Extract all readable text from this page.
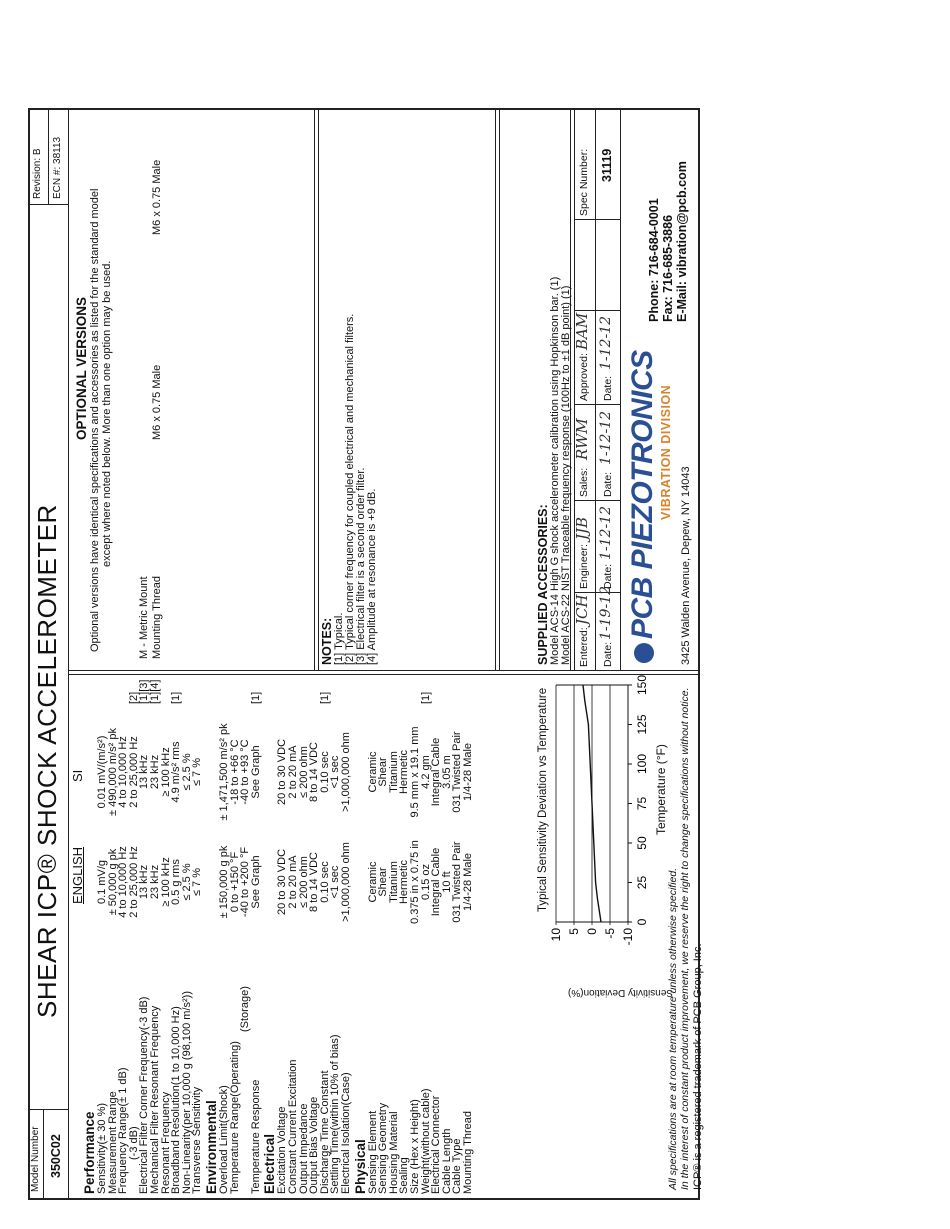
Model Number 350C02
SHEAR ICP® SHOCK ACCELEROMETER
Revision: B ECN #: 38113
ENGLISH
SI
Performance Sensitivity(± 30 %)
0.1 mV/g
0.01 mV/(m/s²)
Measurement Range
± 50,000 g pk
± 490,000 m/s² pk
Frequency Range(± 1 dB)
4 to 10,000 Hz
4 to 10,000 Hz
(-3 dB)
2 to 25,000 Hz
2 to 25,000 Hz
[2]
Electrical Filter Corner Frequency(-3 dB)
13 kHz
13 kHz
[1][3]
Mechanical Filter Resonant Frequency
23 kHz
23 kHz
[1][4]
Resonant Frequency
≥ 100 kHz
≥ 100 kHz
Broadband Resolution(1 to 10,000 Hz)
0.5 g rms
4.9 m/s² rms
[1]
Non-Linearity(per 10,000 g (98,100 m/s²))
≤ 2.5 %
≤ 2.5 %
Transverse Sensitivity
≤ 7 %
≤ 7 %
Environmental Overload Limit(Shock)
± 150,000 g pk
± 1,471,500 m/s² pk
Temperature Range(Operating)
0 to +150 °F
-18 to +66 °C
(Storage)
-40 to +200 °F
-40 to +93 °C
Temperature Response
See Graph
See Graph
[1]
Electrical Excitation Voltage
20 to 30 VDC
20 to 30 VDC
Constant Current Excitation
2 to 20 mA
2 to 20 mA
Output Impedance
≤ 200 ohm
≤ 200 ohm
Output Bias Voltage
8 to 14 VDC
8 to 14 VDC
Discharge Time Constant
0.10 sec
0.10 sec
[1]
Settling Time(within 10% of bias)
<1 sec
<1 sec
Electrical Isolation(Case)
>1,000,000 ohm
>1,000,000 ohm
Physical Sensing Element
Ceramic
Ceramic
Sensing Geometry
Shear
Shear
Housing Material
Titanium
Titanium
Sealing
Hermetic
Hermetic
Size (Hex x Height)
0.375 in x 0.75 in
9.5 mm x 19.1 mm
Weight(without cable)
0.15 oz
4.2 gm
[1]
Electrical Connector
Integral Cable
Integral Cable
Cable Length
10 ft
3.05 m
Cable Type
031 Twisted Pair
031 Twisted Pair
Mounting Thread
1/4-28 Male
1/4-28 Male	Typical Sensitivity Deviation vs Temperature
10 5 0 -5 -10
0
25
50
75
100
125
150
Temperature (°F)
Sensitivity Deviation(%)
All specifications are at room temperature unless otherwise specified. In the interest of constant product improvement, we reserve the right to change specifications without notice. ICP® is a registered trademark of PCB Group, Inc.
OPTIONAL VERSIONS Optional versions have identical specifications and accessories as listed for the standard model except where noted below. More than one option may be used.
M - Metric Mount Mounting Thread
M6 x 0.75 Male
M6 x 0.75 Male
NOTES: [1] Typical. [2] Typical corner frequency for coupled electrical and mechanical filters. [3] Electrical filter is a second order filter. [4] Amplitude at resonance is +9 dB.	SUPPLIED ACCESSORIES: Model ACS-14 High G shock accelerometer calibration using Hopkinson bar. (1) Model ACS-22 NIST Traceable frequency response (100Hz to ±1 dB point) (1) Entered:
JCH
Engineer:
JJB
Sales:
RWM
Approved:
BAM
Spec Number:
Date:
1-19-12
Date:
1-12-12
Date:
1-12-12
Date:
1-12-12
31119
PCB PIEZOTRONICS VIBRATION DIVISION
3425 Walden Avenue, Depew, NY 14043
Phone: 716-684-0001 Fax: 716-685-3886 E-Mail: vibration@pcb.com
